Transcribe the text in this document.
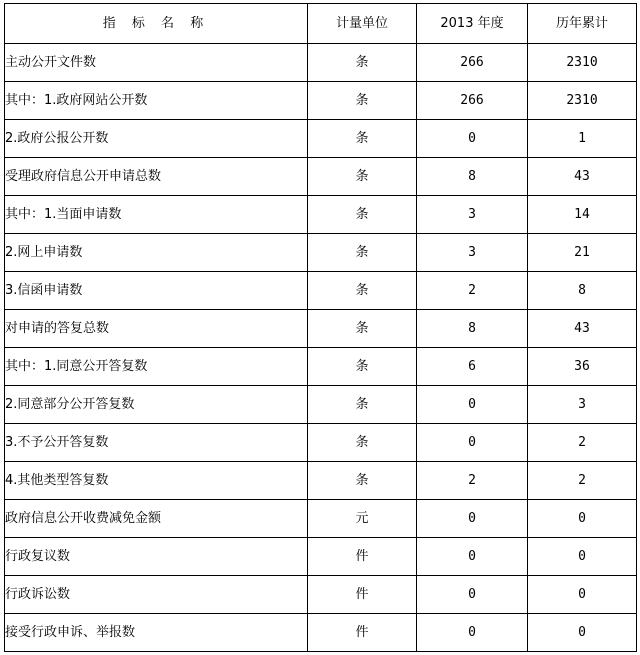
指 标 名 称	计量单位	2013 年度	历年累计
主动公开文件数	条	266	2310
其中：1.政府网站公开数	条	266	2310
2.政府公报公开数	条	0	1
受理政府信息公开申请总数	条	8	43
其中：1.当面申请数	条	3	14
2.网上申请数	条	3	21
3.信函申请数	条	2	8
对申请的答复总数	条	8	43
其中：1.同意公开答复数	条	6	36
2.同意部分公开答复数	条	0	3
3.不予公开答复数	条	0	2
4.其他类型答复数	条	2	2
政府信息公开收费减免金额	元	0	0
行政复议数	件	0	0
行政诉讼数	件	0	0
接受行政申诉、举报数	件	0	0
